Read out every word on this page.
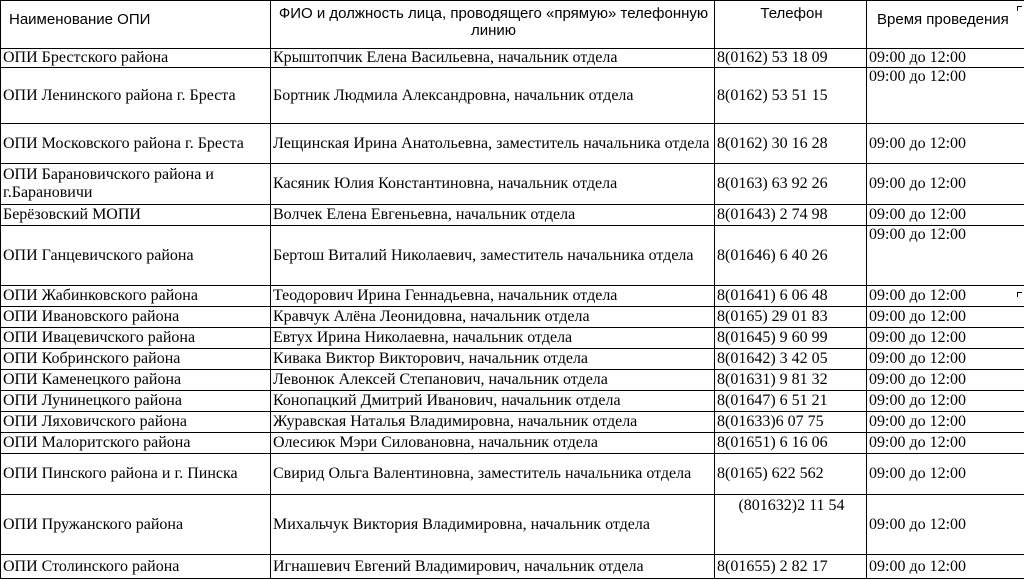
Наименование ОПИ	ФИО и должность лица, проводящего «прямую» телефонную линию	Телефон	Время проведения
ОПИ Брестского района	Крыштопчик Елена Васильевна, начальник отдела	8(0162) 53 18 09	09:00 до 12:00
ОПИ Ленинского района г. Бреста	Бортник Людмила Александровна, начальник отдела	8(0162) 53 51 15	09:00 до 12:00
ОПИ Московского района г. Бреста	Лещинская Ирина Анатольевна, заместитель начальника отдела	8(0162) 30 16 28	09:00 до 12:00
ОПИ Барановичского района и г.Барановичи	Касяник Юлия Константиновна, начальник отдела	8(0163) 63 92 26	09:00 до 12:00
Берёзовский МОПИ	Волчек Елена Евгеньевна, начальник отдела	8(01643) 2 74 98	09:00 до 12:00
ОПИ Ганцевичского района	Бертош Виталий Николаевич, заместитель начальника отдела	8(01646) 6 40 26	09:00 до 12:00
ОПИ Жабинковского района	Теодорович Ирина Геннадьевна, начальник отдела	8(01641) 6 06 48	09:00 до 12:00
ОПИ Ивановского района	Кравчук Алёна Леонидовна, начальник отдела	8(0165) 29 01 83	09:00 до 12:00
ОПИ Ивацевичского района	Евтух Ирина Николаевна, начальник отдела	8(01645) 9 60 99	09:00 до 12:00
ОПИ Кобринского района	Кивака Виктор Викторович, начальник отдела	8(01642) 3 42 05	09:00 до 12:00
ОПИ Каменецкого района	Левонюк Алексей Степанович, начальник отдела	8(01631) 9 81 32	09:00 до 12:00
ОПИ Лунинецкого района	Конопацкий Дмитрий Иванович, начальник отдела	8(01647) 6 51 21	09:00 до 12:00
ОПИ Ляховичского района	Журавская Наталья Владимировна, начальник отдела	8(01633)6 07 75	09:00 до 12:00
ОПИ Малоритского района	Олесиюк Мэри Силовановна, начальник отдела	8(01651) 6 16 06	09:00 до 12:00
ОПИ Пинского района и г. Пинска	Свирид Ольга Валентиновна, заместитель начальника отдела	8(0165) 622 562	09:00 до 12:00
ОПИ Пружанского района	Михальчук Виктория Владимировна, начальник отдела	(801632)2 11 54	09:00 до 12:00
ОПИ Столинского района	Игнашевич Евгений Владимирович, начальник отдела	8(01655) 2 82 17	09:00 до 12:00
